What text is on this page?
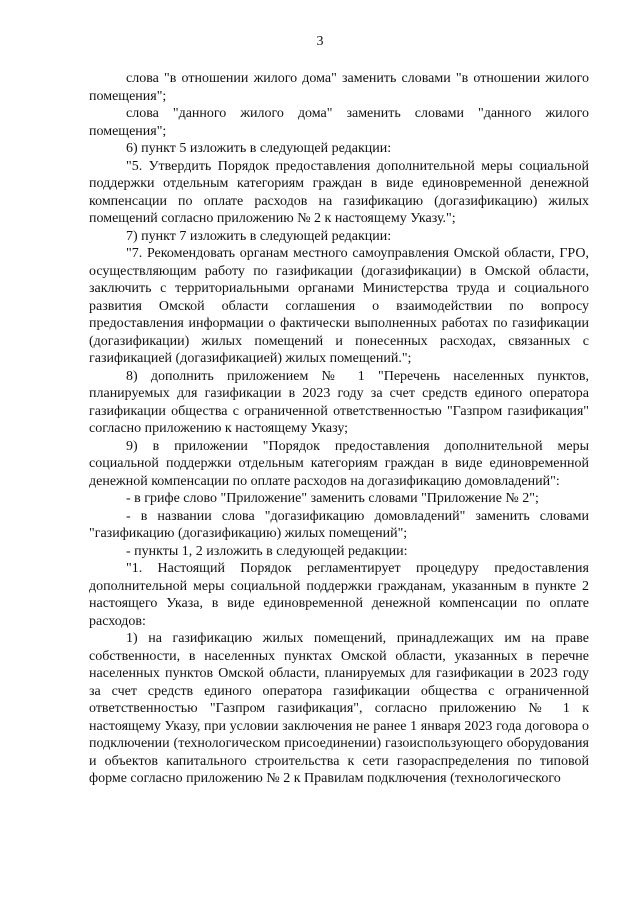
3

слова "в отношении жилого дома" заменить словами "в отношении жилого помещения";

слова "данного жилого дома" заменить словами "данного жилого помещения";

6) пункт 5 изложить в следующей редакции:

"5. Утвердить Порядок предоставления дополнительной меры социальной поддержки отдельным категориям граждан в виде единовременной денежной компенсации по оплате расходов на газификацию (догазификацию) жилых помещений согласно приложению № 2 к настоящему Указу.";

7) пункт 7 изложить в следующей редакции:

"7. Рекомендовать органам местного самоуправления Омской области, ГРО, осуществляющим работу по газификации (догазификации) в Омской области, заключить с территориальными органами Министерства труда и социального развития Омской области соглашения о взаимодействии по вопросу предоставления информации о фактически выполненных работах по газификации (догазификации) жилых помещений и понесенных расходах, связанных с газификацией (догазификацией) жилых помещений.";

8) дополнить приложением № 1 "Перечень населенных пунктов, планируемых для газификации в 2023 году за счет средств единого оператора газификации общества с ограниченной ответственностью "Газпром газификация" согласно приложению к настоящему Указу;

9) в приложении "Порядок предоставления дополнительной меры социальной поддержки отдельным категориям граждан в виде единовременной денежной компенсации по оплате расходов на догазификацию домовладений":

- в грифе слово "Приложение" заменить словами "Приложение № 2";

- в названии слова "догазификацию домовладений" заменить словами "газификацию (догазификацию) жилых помещений";

- пункты 1, 2 изложить в следующей редакции:

"1. Настоящий Порядок регламентирует процедуру предоставления дополнительной меры социальной поддержки гражданам, указанным в пункте 2 настоящего Указа, в виде единовременной денежной компенсации по оплате расходов:

1) на газификацию жилых помещений, принадлежащих им на праве собственности, в населенных пунктах Омской области, указанных в перечне населенных пунктов Омской области, планируемых для газификации в 2023 году за счет средств единого оператора газификации общества с ограниченной ответственностью "Газпром газификация", согласно приложению № 1 к настоящему Указу, при условии заключения не ранее 1 января 2023 года договора о подключении (технологическом присоединении) газоиспользующего оборудования и объектов капитального строительства к сети газораспределения по типовой форме согласно приложению № 2 к Правилам подключения (технологического
